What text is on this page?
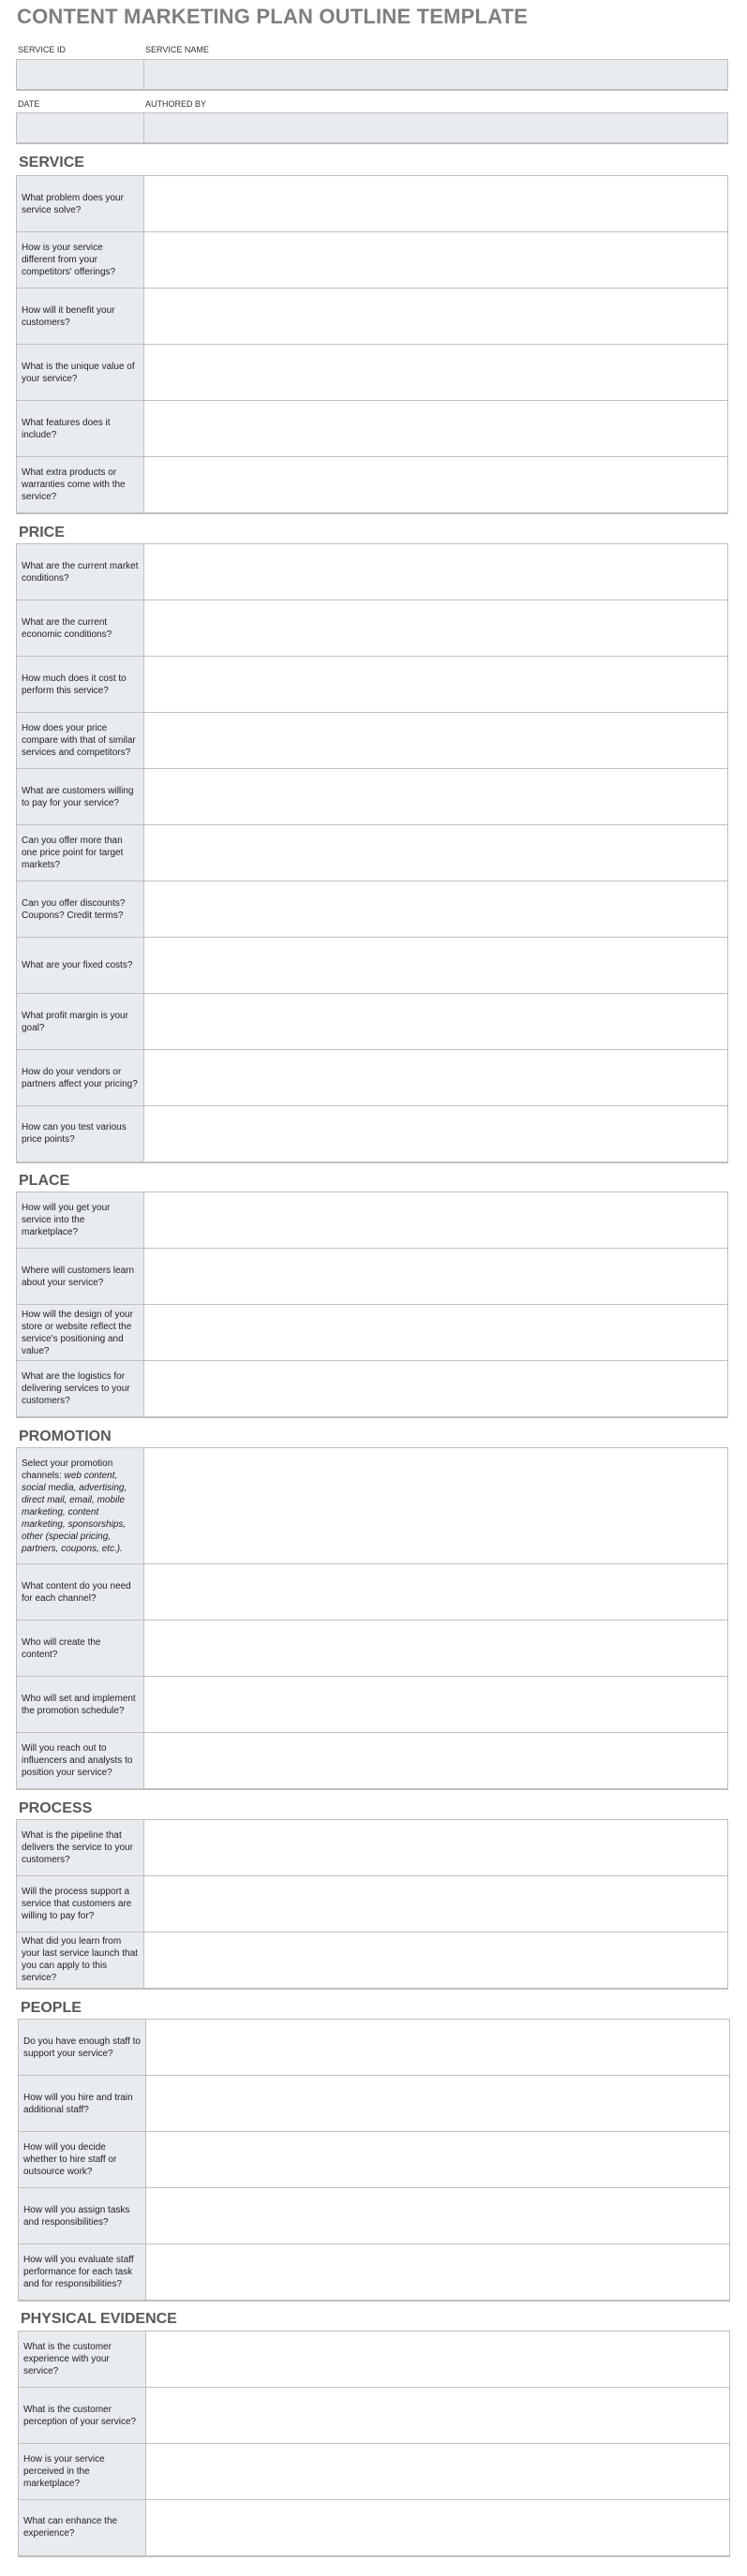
CONTENT MARKETING PLAN OUTLINE TEMPLATE
SERVICE ID	SERVICE NAME
DATE	AUTHORED BY
SERVICE
What problem does your service solve?	
How is your service different from your competitors' offerings?	
How will it benefit your customers?	
What is the unique value of your service?	
What features does it include?	
What extra products or warranties come with the service?	
PRICE
What are the current market conditions?	
What are the current economic conditions?	
How much does it cost to perform this service?	
How does your price compare with that of similar services and competitors?	
What are customers willing to pay for your service?	
Can you offer more than one price point for target markets?	
Can you offer discounts? Coupons? Credit terms?	
What are your fixed costs?	
What profit margin is your goal?	
How do your vendors or partners affect your pricing?	
How can you test various price points?	
PLACE
How will you get your service into the marketplace?	
Where will customers learn about your service?	
How will the design of your store or website reflect the service's positioning and value?	
What are the logistics for delivering services to your customers?	
PROMOTION
Select your promotion channels: web content, social media, advertising, direct mail, email, mobile marketing, content marketing, sponsorships, other (special pricing, partners, coupons, etc.).	
What content do you need for each channel?	
Who will create the content?	
Who will set and implement the promotion schedule?	
Will you reach out to influencers and analysts to position your service?	
PROCESS
What is the pipeline that delivers the service to your customers?	
Will the process support a service that customers are willing to pay for?	
What did you learn from your last service launch that you can apply to this service?	
PEOPLE
Do you have enough staff to support your service?	
How will you hire and train additional staff?	
How will you decide whether to hire staff or outsource work?	
How will you assign tasks and responsibilities?	
How will you evaluate staff performance for each task and for responsibilities?	
PHYSICAL EVIDENCE
What is the customer experience with your service?	
What is the customer perception of your service?	
How is your service perceived in the marketplace?	
What can enhance the experience?	
